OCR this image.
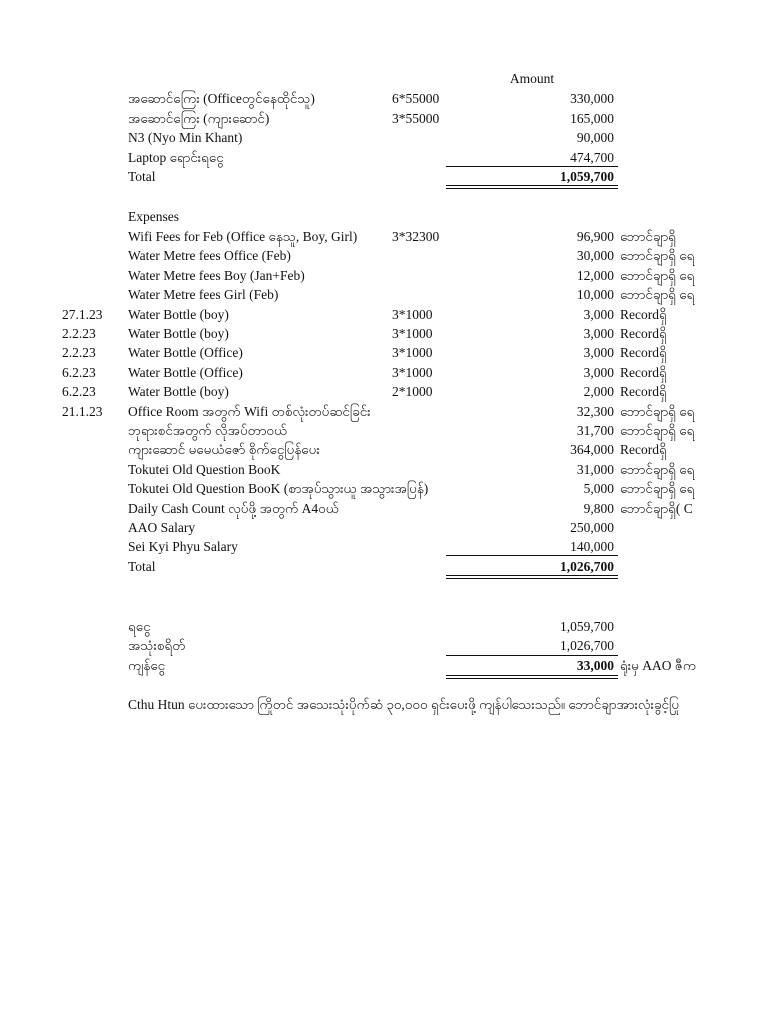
Amount
အဆောင်ကြေး (Officeတွင်နေထိုင်သူ)	6*55000	330,000
အဆောင်ကြေး (ကျားဆောင်)	3*55000	165,000
N3 (Nyo Min Khant)	90,000
Laptop ရောင်းရငွေ	474,700
Total	1,059,700
Expenses
Wifi Fees for Feb (Office နေသူ, Boy, Girl)	3*32300	96,900 ဘောင်ချာရှိ
Water Metre fees Office (Feb)	30,000 ဘောင်ချာရှိ ရေ
Water Metre fees Boy (Jan+Feb)	12,000 ဘောင်ချာရှိ ရေ
Water Metre fees Girl (Feb)	10,000 ဘောင်ချာရှိ ရေ
27.1.23	Water Bottle (boy)	3*1000	3,000 Recordရှိ
2.2.23	Water Bottle (boy)	3*1000	3,000 Recordရှိ
2.2.23	Water Bottle (Office)	3*1000	3,000 Recordရှိ
6.2.23	Water Bottle (Office)	3*1000	3,000 Recordရှိ
6.2.23	Water Bottle (boy)	2*1000	2,000 Recordရှိ
21.1.23	Office Room အတွက် Wifi တစ်လုံးတပ်ဆင်ခြင်း	32,300 ဘောင်ချာရှိ ရေ
ဘုရားစင်အတွက် လိုအပ်တာဝယ်	31,700 ဘောင်ချာရှိ ရေ
ကျားဆောင် မမေယံဇော် စိုက်ငွေပြန်ပေး	364,000 Recordရှိ
Tokutei Old Question BooK	31,000 ဘောင်ချာရှိ ရေ
Tokutei Old Question BooK (စာအုပ်သွားယူ အသွားအပြန်)	5,000 ဘောင်ချာရှိ ရေ
Daily Cash Count လုပ်ဖို့ အတွက် A4ဝယ်	9,800 ဘောင်ချာရှိ( C
AAO Salary	250,000
Sei Kyi Phyu Salary	140,000
Total	1,026,700
ရငွေ	1,059,700
အသုံးစရိတ်	1,026,700
ကျန်ငွေ	33,000 ရုံးမှ AAO ဇီက
Cthu Htun ပေးထားသော ကြိုတင် အသေးသုံးပိုက်ဆံ ၃၀,၀၀၀ ရှင်းပေးဖို့ ကျန်ပါသေးသည်။ ဘောင်ချာအားလုံးခွင့်ပြု
